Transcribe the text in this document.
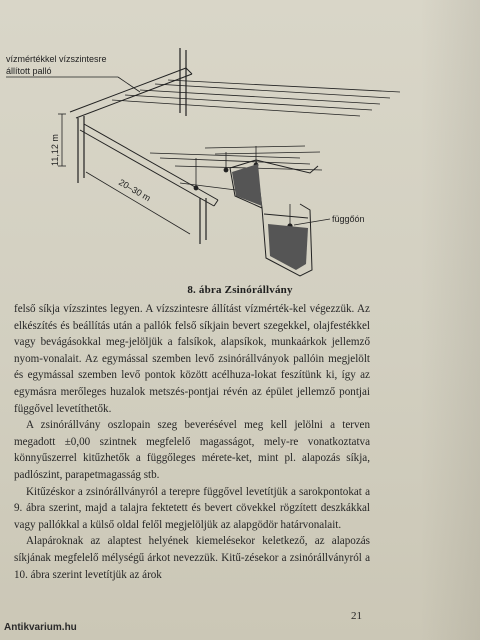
vízmértékkel vízszintesre
állított palló
11,12 m
20–30 m
függőón
8. ábra Zsinórállvány

felső síkja vízszintes legyen. A vízszintesre állítást vízmérték-kel végezzük. Az elkészítés és beállítás után a pallók felső síkjain bevert szegekkel, olajfestékkel vagy bevágásokkal meg-jelöljük a falsíkok, alapsíkok, munkaárkok jellemző nyom-vonalait. Az egymással szemben levő zsinórállványok pallóin megjelölt és egymással szemben levő pontok között acélhuza-lokat feszítünk ki, így az egymásra merőleges huzalok metszés-pontjai révén az épület jellemző pontjai függővel levetíthetők.

A zsinórállvány oszlopain szeg beverésével meg kell jelölni a terven megadott ±0,00 szintnek megfelelő magasságot, mely-re vonatkoztatva könnyűszerrel kitűzhetők a függőleges mérete-ket, mint pl. alapozás síkja, padlószint, parapetmagasság stb.

Kitűzéskor a zsinórállványról a terepre függővel levetítjük a sarokpontokat a 9. ábra szerint, majd a talajra fektetett és bevert cövekkel rögzített deszkákkal vagy pallókkal a külső oldal felől megjelöljük az alapgödör határvonalait.

Alapároknak az alaptest helyének kiemelésekor keletkező, az alapozás síkjának megfelelő mélységű árkot nevezzük. Kitű-zésekor a zsinórállványról a 10. ábra szerint levetítjük az árok

21
Antikvarium.hu
